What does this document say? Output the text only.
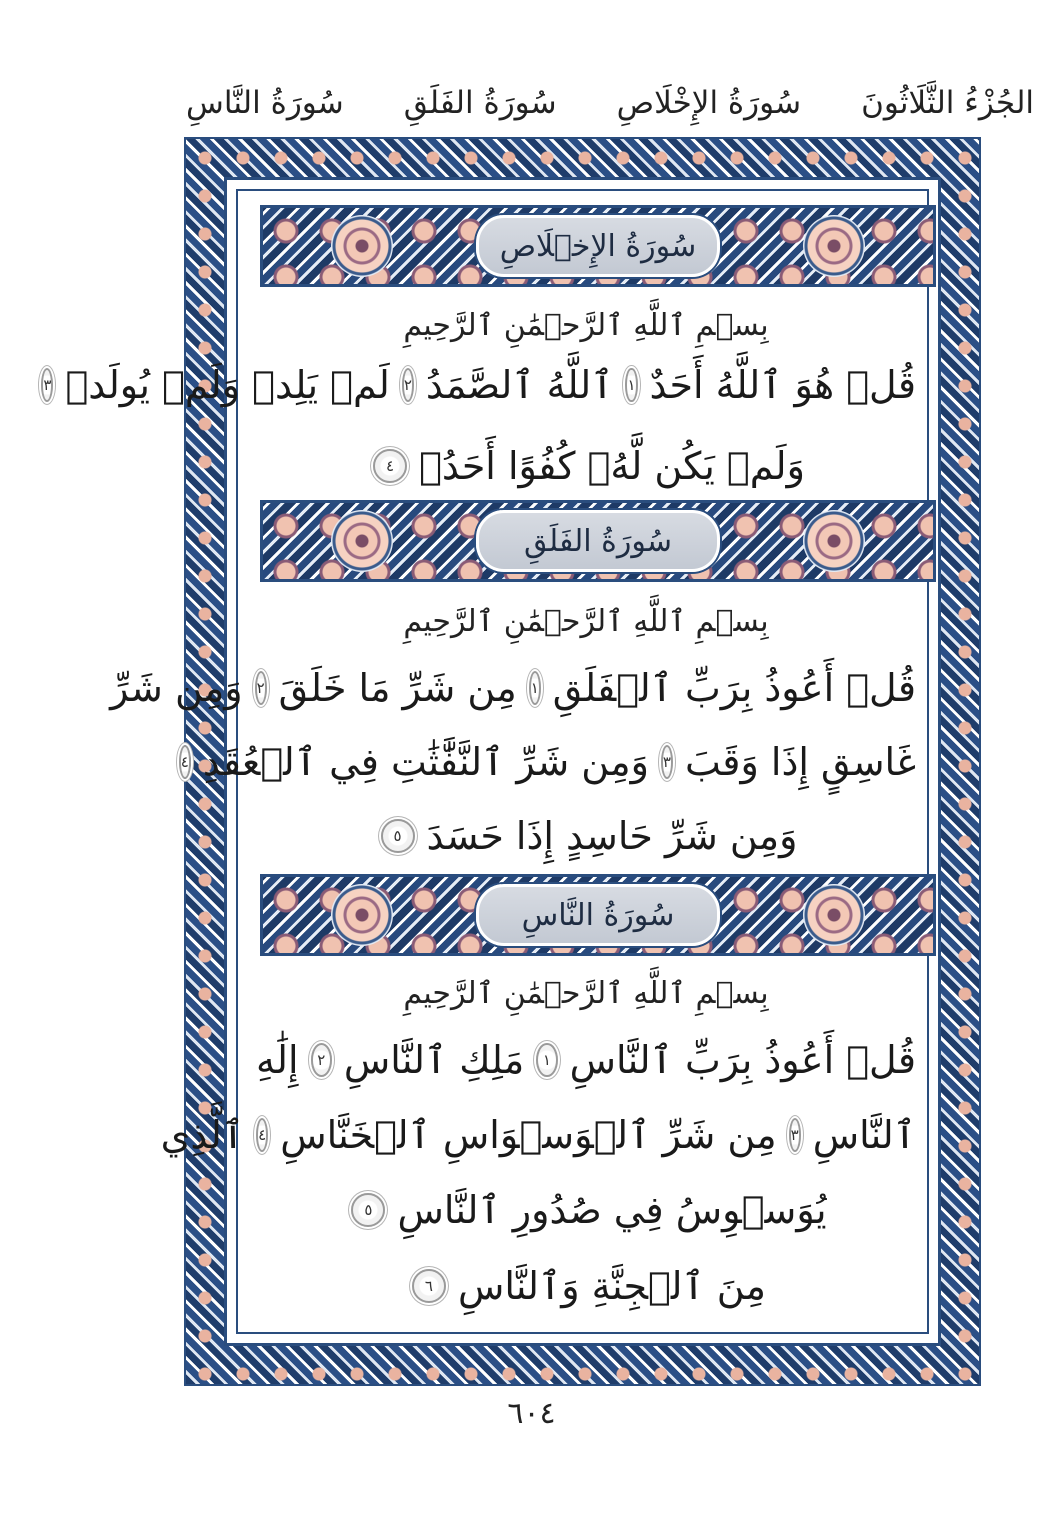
الجُزْءُ الثَّلَاثُونَ
سُورَةُ الإِخْلَاصِ
سُورَةُ الفَلَقِ
سُورَةُ النَّاسِ
سُورَةُ الإِخۡلَاصِ
بِسۡمِ ٱللَّهِ ٱلرَّحۡمَٰنِ ٱلرَّحِيمِ
قُلۡ هُوَ ٱللَّهُ أَحَدٌ
١
ٱللَّهُ ٱلصَّمَدُ
٢
لَمۡ يَلِدۡ وَلَمۡ يُولَدۡ
٣
وَلَمۡ يَكُن لَّهُۥ كُفُوًا أَحَدُۢ
٤
سُورَةُ الفَلَقِ
بِسۡمِ ٱللَّهِ ٱلرَّحۡمَٰنِ ٱلرَّحِيمِ
قُلۡ أَعُوذُ بِرَبِّ ٱلۡفَلَقِ
١
مِن شَرِّ مَا خَلَقَ
٢
وَمِن شَرِّ
غَاسِقٍ إِذَا وَقَبَ
٣
وَمِن شَرِّ ٱلنَّفَّٰثَٰتِ فِي ٱلۡعُقَدِ
٤
وَمِن شَرِّ حَاسِدٍ إِذَا حَسَدَ
٥
سُورَةُ النَّاسِ
بِسۡمِ ٱللَّهِ ٱلرَّحۡمَٰنِ ٱلرَّحِيمِ
قُلۡ أَعُوذُ بِرَبِّ ٱلنَّاسِ
١
مَلِكِ ٱلنَّاسِ
٢
إِلَٰهِ
ٱلنَّاسِ
٣
مِن شَرِّ ٱلۡوَسۡوَاسِ ٱلۡخَنَّاسِ
٤
ٱلَّذِي
يُوَسۡوِسُ فِي صُدُورِ ٱلنَّاسِ
٥
مِنَ ٱلۡجِنَّةِ وَٱلنَّاسِ
٦
٦٠٤
